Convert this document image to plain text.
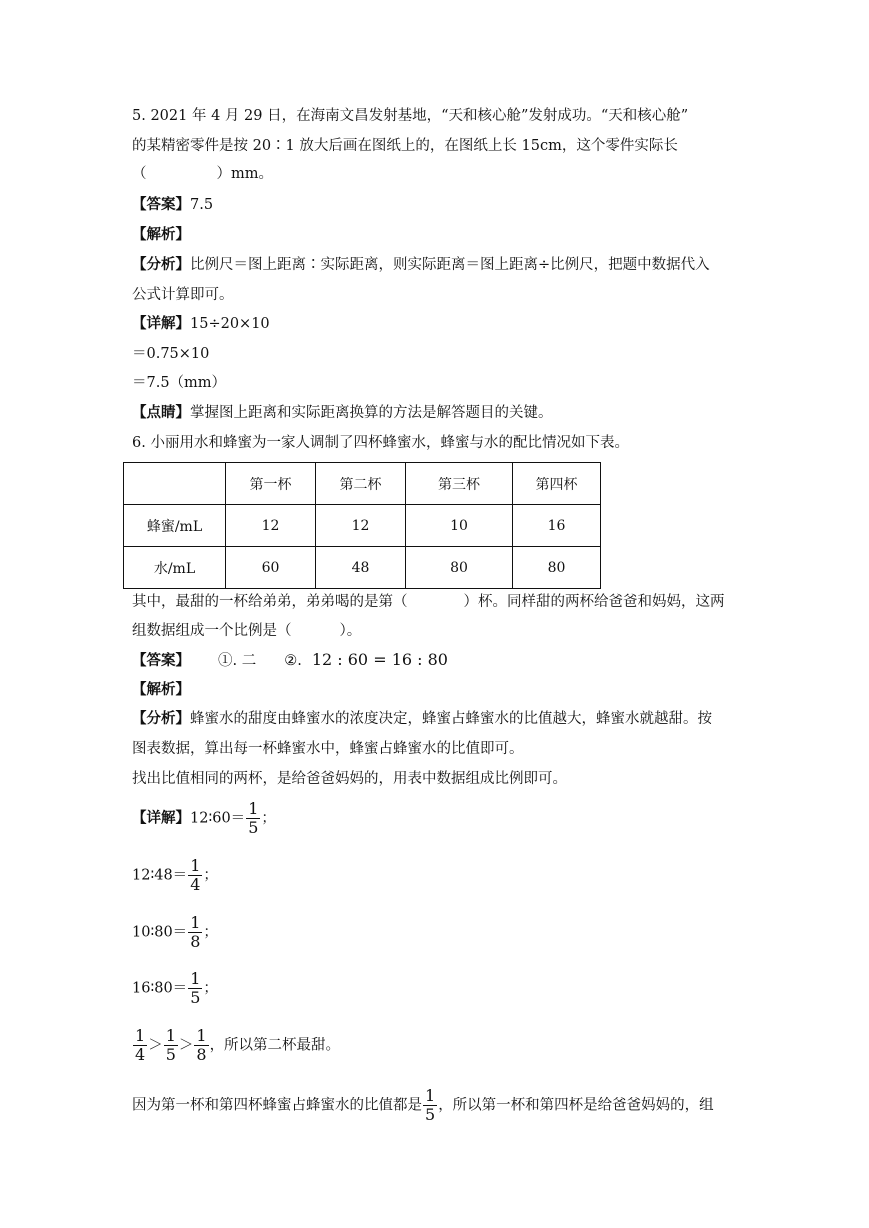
5. 2021 年 4 月 29 日，在海南文昌发射基地，“天和核心舱”发射成功。“天和核心舱”
的某精密零件是按 20∶1 放大后画在图纸上的，在图纸上长 15cm，这个零件实际长
（	）mm。
【答案】7.5
【解析】
【分析】比例尺＝图上距离∶实际距离，则实际距离＝图上距离÷比例尺，把题中数据代入
公式计算即可。
【详解】15÷20×10
＝0.75×10
＝7.5（mm）
【点睛】掌握图上距离和实际距离换算的方法是解答题目的关键。
6. 小丽用水和蜂蜜为一家人调制了四杯蜂蜜水，蜂蜜与水的配比情况如下表。
	第一杯	第二杯	第三杯	第四杯
蜂蜜/mL	12	12	10	16
水/mL	60	48	80	80
其中，最甜的一杯给弟弟，弟弟喝的是第（	）杯。同样甜的两杯给爸爸和妈妈，这两
组数据组成一个比例是（	）。
【答案】 ①. 二 ②. 12 : 60 = 16 : 80
【解析】
【分析】蜂蜜水的甜度由蜂蜜水的浓度决定，蜂蜜占蜂蜜水的比值越大，蜂蜜水就越甜。按
图表数据，算出每一杯蜂蜜水中，蜂蜜占蜂蜜水的比值即可。
找出比值相同的两杯，是给爸爸妈妈的，用表中数据组成比例即可。
【详解】12∶60＝ $\frac{1}{5}$ ；
12∶48＝ $\frac{1}{4}$ ；
10∶80＝ $\frac{1}{8}$ ；
16∶80＝ $\frac{1}{5}$ ；
$\frac{1}{4} > \frac{1}{5} > \frac{1}{8}$ ，所以第二杯最甜。
因为第一杯和第四杯蜂蜜占蜂蜜水的比值都是 $\frac{1}{5}$ ，所以第一杯和第四杯是给爸爸妈妈的，组
